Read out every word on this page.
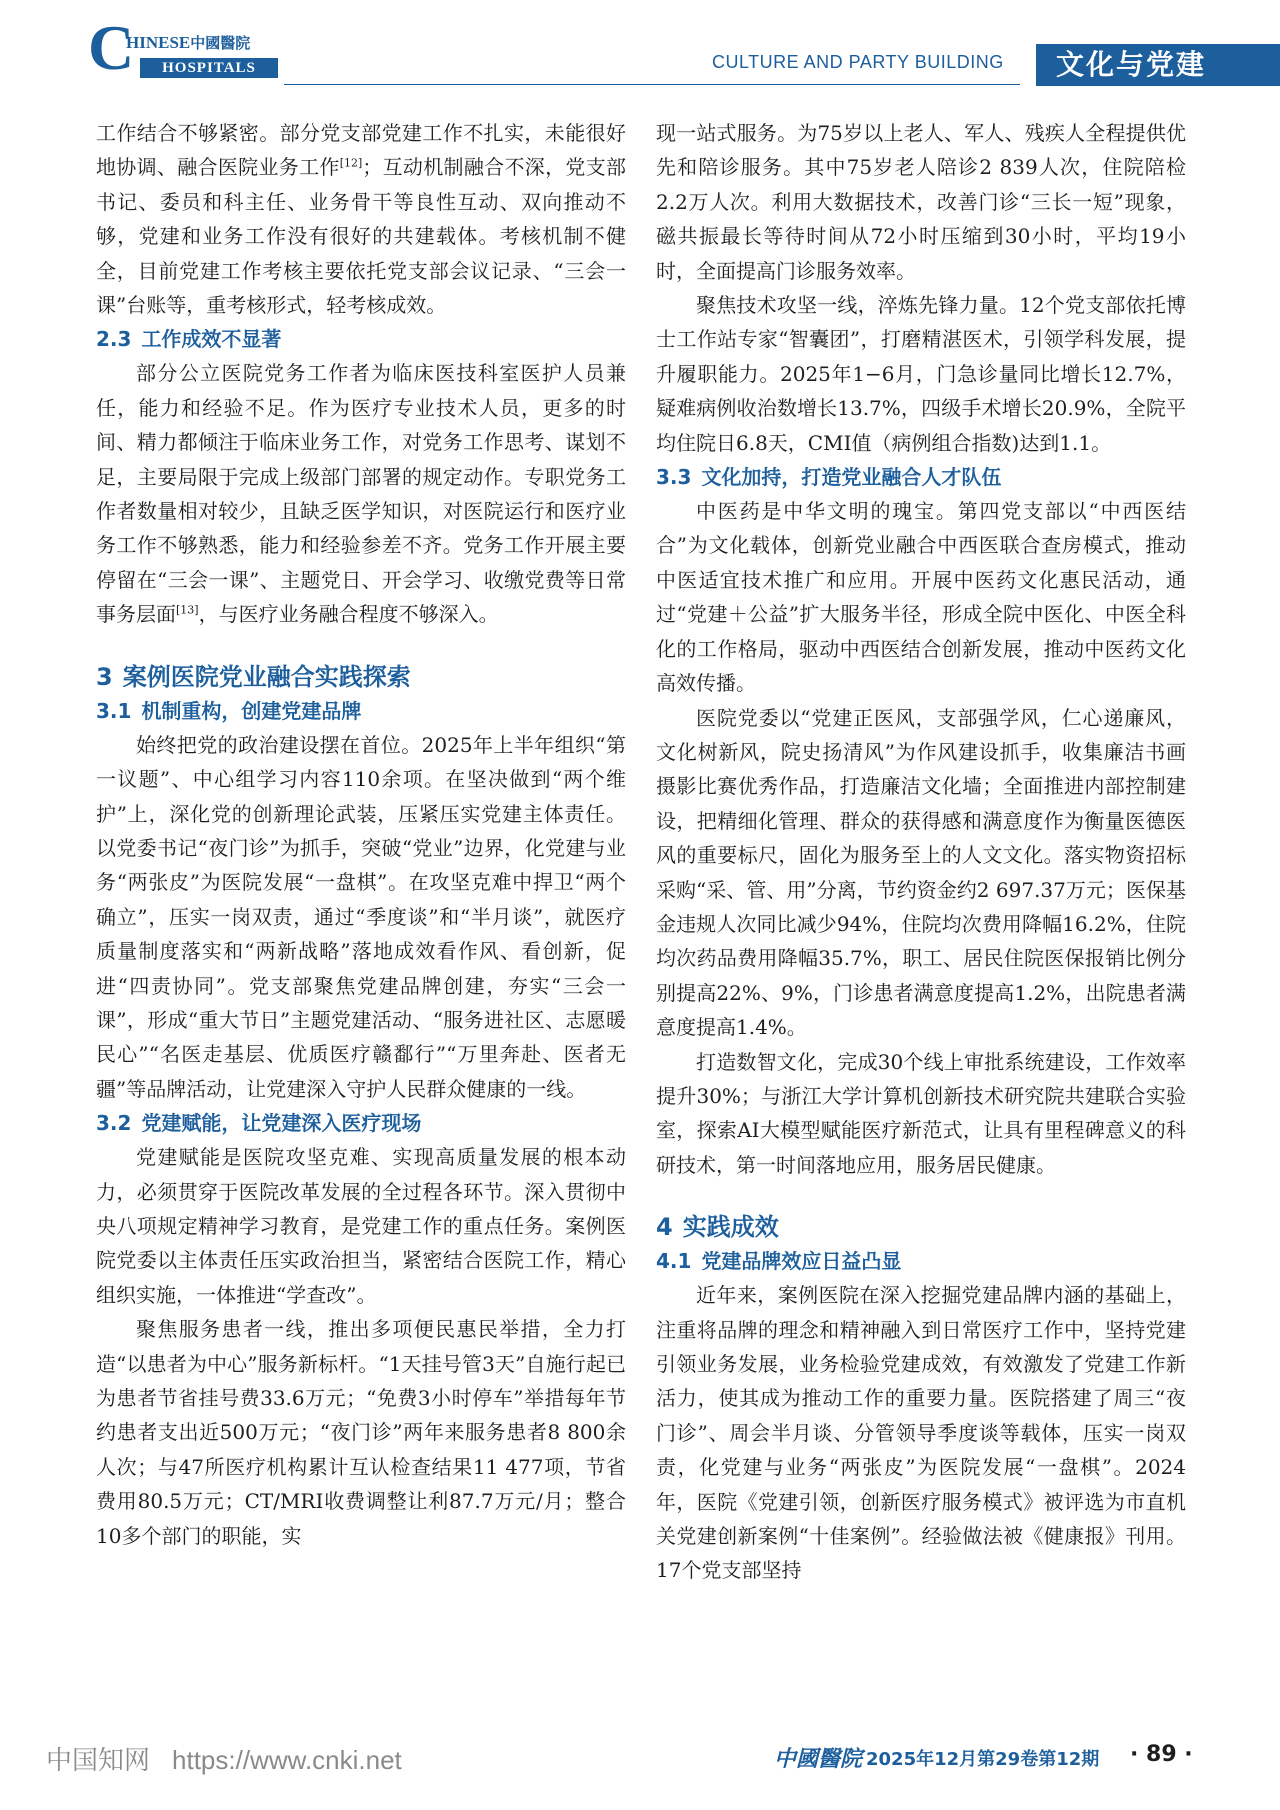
C
HINESE中國醫院
HOSPITALS	CULTURE AND PARTY BUILDING	文化与党建

工作结合不够紧密。部分党支部党建工作不扎实，未能很好地协调、融合医院业务工作[12]；互动机制融合不深，党支部书记、委员和科主任、业务骨干等良性互动、双向推动不够，党建和业务工作没有很好的共建载体。考核机制不健全，目前党建工作考核主要依托党支部会议记录、“三会一课”台账等，重考核形式，轻考核成效。

2.3 工作成效不显著

部分公立医院党务工作者为临床医技科室医护人员兼任，能力和经验不足。作为医疗专业技术人员，更多的时间、精力都倾注于临床业务工作，对党务工作思考、谋划不足，主要局限于完成上级部门部署的规定动作。专职党务工作者数量相对较少，且缺乏医学知识，对医院运行和医疗业务工作不够熟悉，能力和经验参差不齐。党务工作开展主要停留在“三会一课”、主题党日、开会学习、收缴党费等日常事务层面[13]，与医疗业务融合程度不够深入。

3 案例医院党业融合实践探索
3.1 机制重构，创建党建品牌

始终把党的政治建设摆在首位。2025年上半年组织“第一议题”、中心组学习内容110余项。在坚决做到“两个维护”上，深化党的创新理论武装，压紧压实党建主体责任。以党委书记“夜门诊”为抓手，突破“党业”边界，化党建与业务“两张皮”为医院发展“一盘棋”。在攻坚克难中捍卫“两个确立”，压实一岗双责，通过“季度谈”和“半月谈”，就医疗质量制度落实和“两新战略”落地成效看作风、看创新，促进“四责协同”。党支部聚焦党建品牌创建，夯实“三会一课”，形成“重大节日”主题党建活动、“服务进社区、志愿暖民心”“名医走基层、优质医疗赣鄱行”“万里奔赴、医者无疆”等品牌活动，让党建深入守护人民群众健康的一线。

3.2 党建赋能，让党建深入医疗现场

党建赋能是医院攻坚克难、实现高质量发展的根本动力，必须贯穿于医院改革发展的全过程各环节。深入贯彻中央八项规定精神学习教育，是党建工作的重点任务。案例医院党委以主体责任压实政治担当，紧密结合医院工作，精心组织实施，一体推进“学查改”。

聚焦服务患者一线，推出多项便民惠民举措，全力打造“以患者为中心”服务新标杆。“1天挂号管3天”自施行起已为患者节省挂号费33.6万元；“免费3小时停车”举措每年节约患者支出近500万元；“夜门诊”两年来服务患者8 800余人次；与47所医疗机构累计互认检查结果11 477项，节省费用80.5万元；CT/MRI收费调整让利87.7万元/月；整合10多个部门的职能，实

现一站式服务。为75岁以上老人、军人、残疾人全程提供优先和陪诊服务。其中75岁老人陪诊2 839人次，住院陪检2.2万人次。利用大数据技术，改善门诊“三长一短”现象，磁共振最长等待时间从72小时压缩到30小时，平均19小时，全面提高门诊服务效率。

聚焦技术攻坚一线，淬炼先锋力量。12个党支部依托博士工作站专家“智囊团”，打磨精湛医术，引领学科发展，提升履职能力。2025年1−6月，门急诊量同比增长12.7%，疑难病例收治数增长13.7%，四级手术增长20.9%，全院平均住院日6.8天，CMI值（病例组合指数)达到1.1。

3.3 文化加持，打造党业融合人才队伍

中医药是中华文明的瑰宝。第四党支部以“中西医结合”为文化载体，创新党业融合中西医联合查房模式，推动中医适宜技术推广和应用。开展中医药文化惠民活动，通过“党建＋公益”扩大服务半径，形成全院中医化、中医全科化的工作格局，驱动中西医结合创新发展，推动中医药文化高效传播。

医院党委以“党建正医风，支部强学风，仁心递廉风，文化树新风，院史扬清风”为作风建设抓手，收集廉洁书画摄影比赛优秀作品，打造廉洁文化墙；全面推进内部控制建设，把精细化管理、群众的获得感和满意度作为衡量医德医风的重要标尺，固化为服务至上的人文文化。落实物资招标采购“采、管、用”分离，节约资金约2 697.37万元；医保基金违规人次同比减少94%，住院均次费用降幅16.2%，住院均次药品费用降幅35.7%，职工、居民住院医保报销比例分别提高22%、9%，门诊患者满意度提高1.2%，出院患者满意度提高1.4%。

打造数智文化，完成30个线上审批系统建设，工作效率提升30%；与浙江大学计算机创新技术研究院共建联合实验室，探索AI大模型赋能医疗新范式，让具有里程碑意义的科研技术，第一时间落地应用，服务居民健康。

4 实践成效
4.1 党建品牌效应日益凸显

近年来，案例医院在深入挖掘党建品牌内涵的基础上，注重将品牌的理念和精神融入到日常医疗工作中，坚持党建引领业务发展，业务检验党建成效，有效激发了党建工作新活力，使其成为推动工作的重要力量。医院搭建了周三“夜门诊”、周会半月谈、分管领导季度谈等载体，压实一岗双责，化党建与业务“两张皮”为医院发展“一盘棋”。2024年，医院《党建引领，创新医疗服务模式》被评选为市直机关党建创新案例“十佳案例”。经验做法被《健康报》刊用。17个党支部坚持

中国知网 https://www.cnki.net	中國醫院 2025年12月第29卷第12期 · 89 ·
